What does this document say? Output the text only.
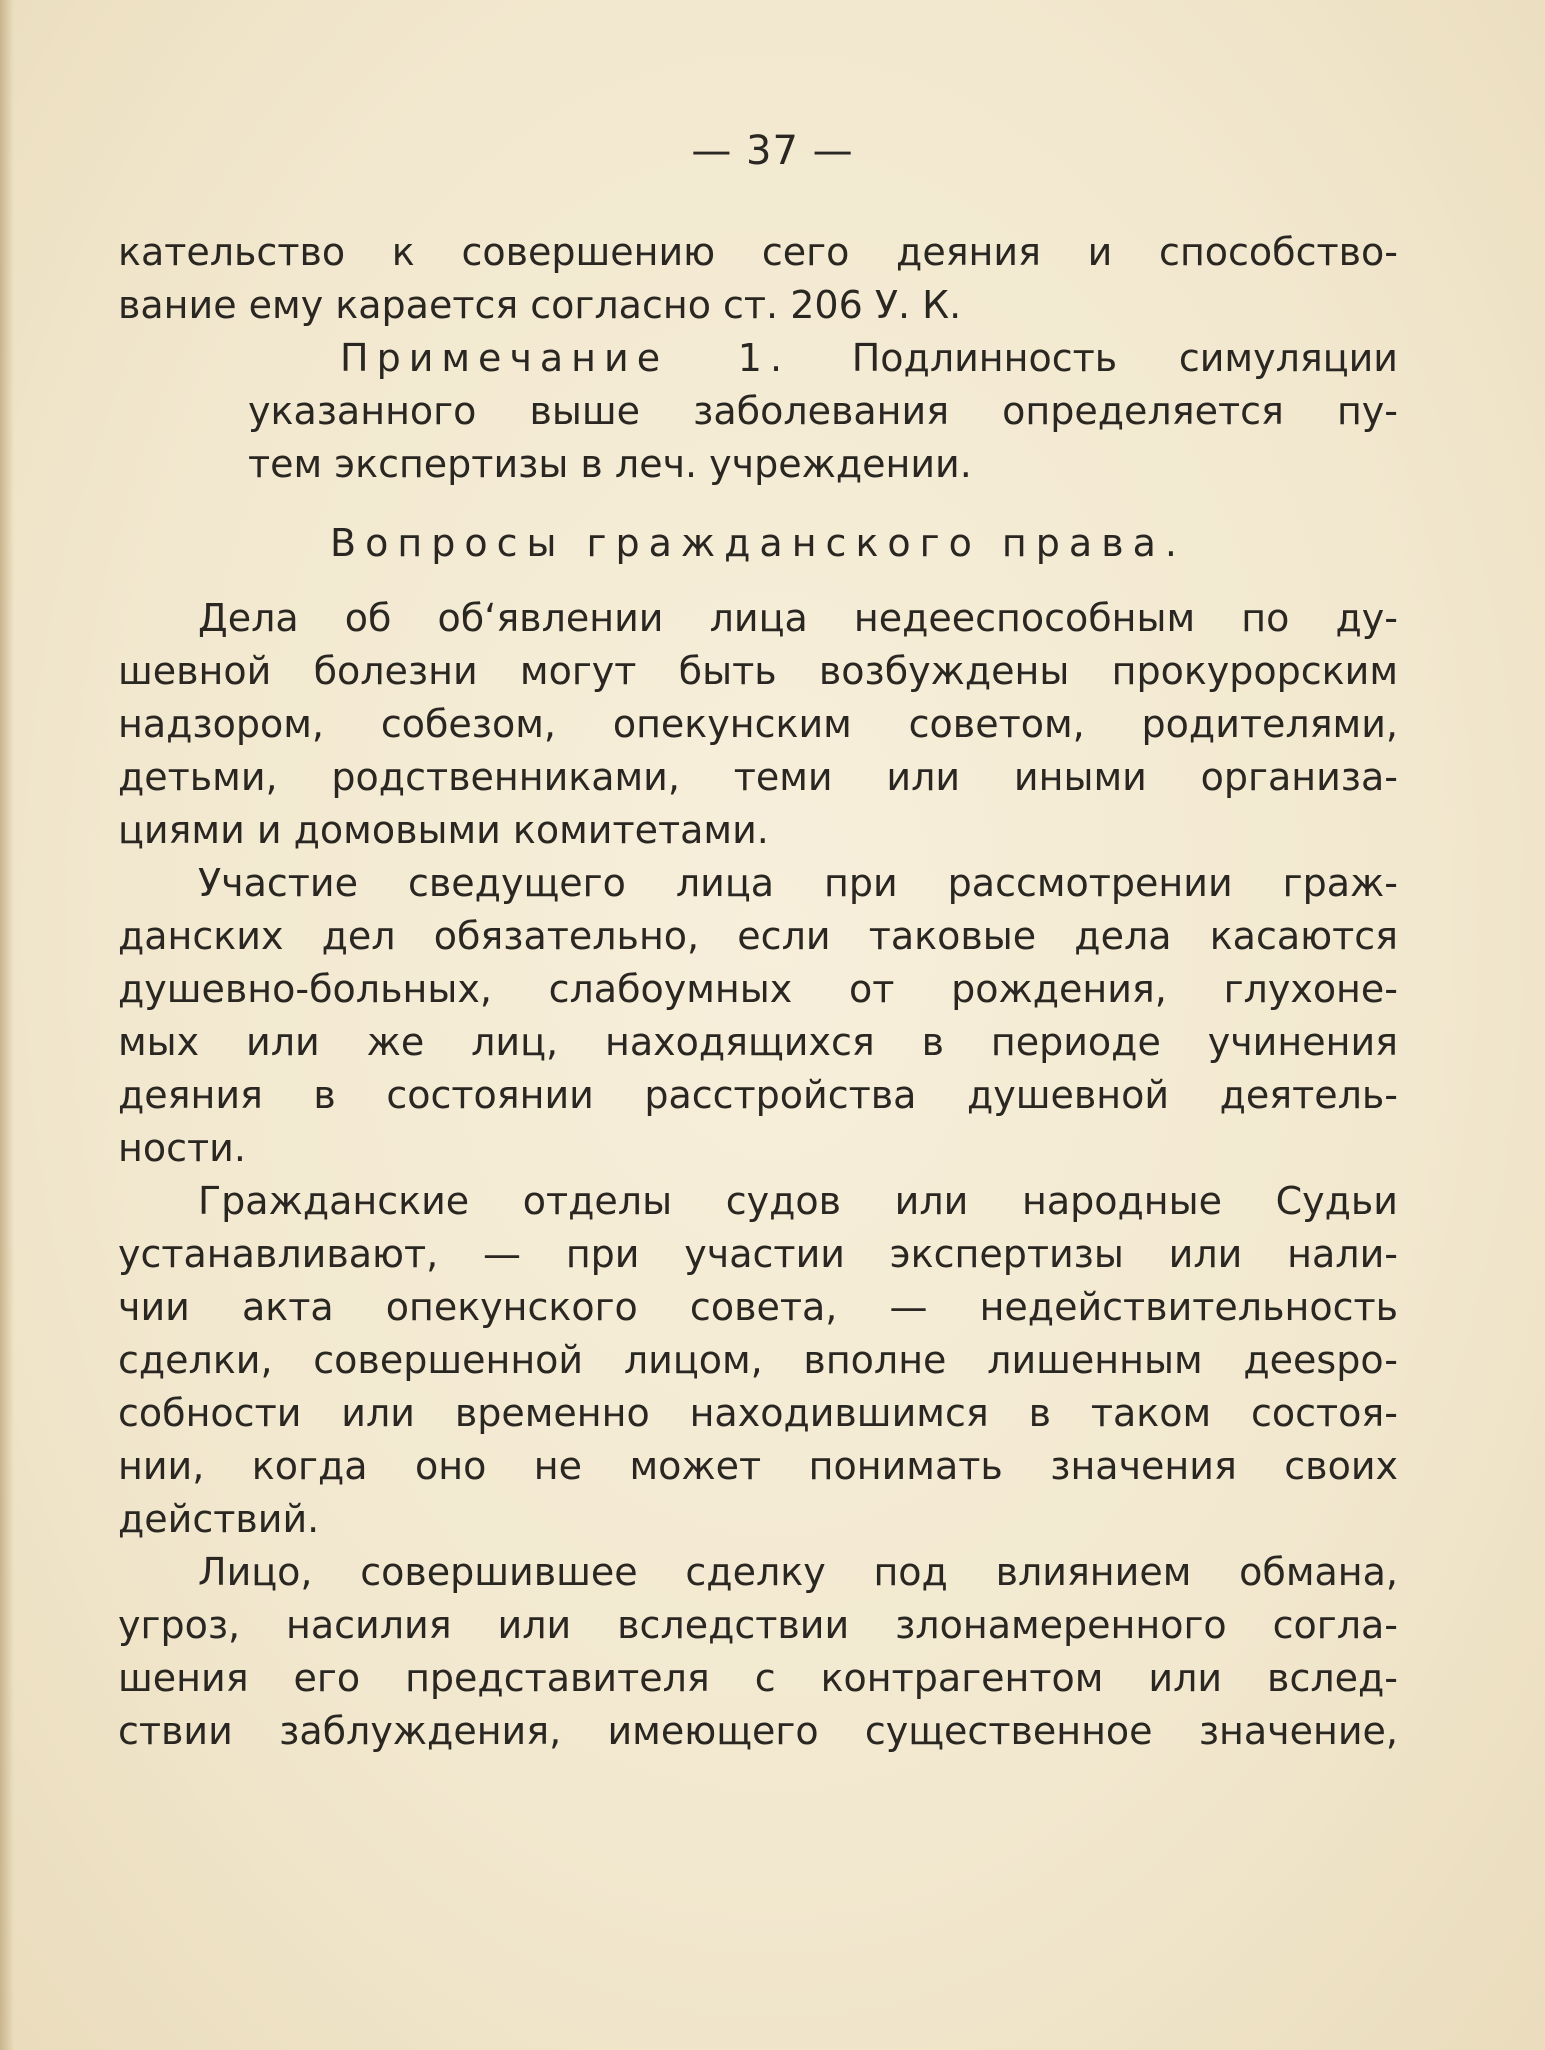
— 37 —
кательство к совершению сего деяния и способство-
вание ему карается согласно ст. 206 У. К.
Примечание 1. Подлинность симуляции
указанного выше заболевания определяется пу-
тем экспертизы в леч. учреждении.
Вопросы гражданского права.
Дела об об‘явлении лица недееспособным по ду-
шевной болезни могут быть возбуждены прокурорским
надзором, собезом, опекунским советом, родителями,
детьми, родственниками, теми или иными организа-
циями и домовыми комитетами.
Участие сведущего лица при рассмотрении граж-
данских дел обязательно, если таковые дела касаются
душевно-больных, слабоумных от рождения, глухоне-
мых или же лиц, находящихся в периоде учинения
деяния в состоянии расстройства душевной деятель-
ности.
Гражданские отделы судов или народные Судьи
устанавливают, — при участии экспертизы или нали-
чии акта опекунского совета, — недействительность
сделки, совершенной лицом, вполне лишенным деespo-
собности или временно находившимся в таком состоя-
нии, когда оно не может понимать значения своих
действий.
Лицо, совершившее сделку под влиянием обмана,
угроз, насилия или вследствии злонамеренного согла-
шения его представителя с контрагентом или вслед-
ствии заблуждения, имеющего существенное значение,
